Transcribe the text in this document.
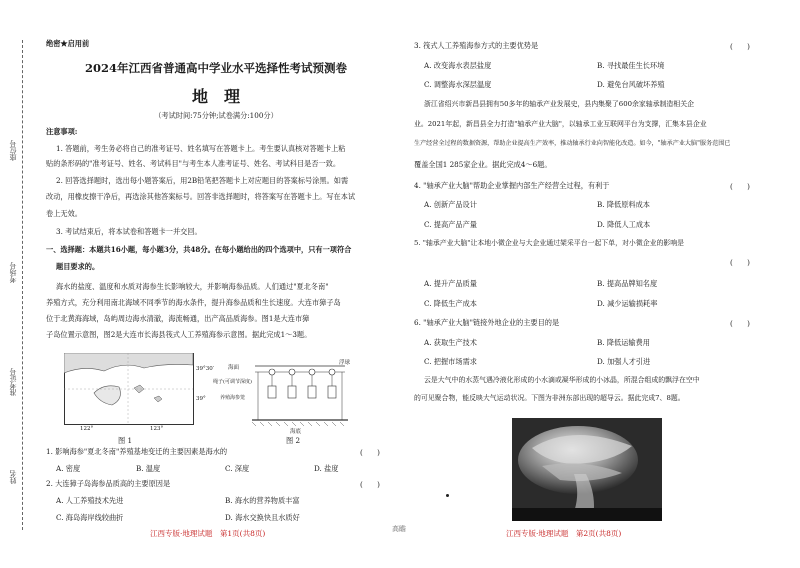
座位号
考场号
准考证号
姓名
绝密★启用前
2024年江西省普通高中学业水平选择性考试预测卷
地　理
（考试时间:75分钟;试卷满分:100分）
注意事项:
1. 答题前，考生务必将自己的准考证号、姓名填写在答题卡上。考生要认真核对答题卡上粘
贴的条形码的"准考证号、姓名、考试科目"与考生本人准考证号、姓名、考试科目是否一致。
2. 回答选择题时，选出每小题答案后，用2B铅笔把答题卡上对应题目的答案标号涂黑。如需
改动，用橡皮擦干净后，再选涂其他答案标号。回答非选择题时，将答案写在答题卡上。写在本试
卷上无效。
3. 考试结束后，将本试卷和答题卡一并交回。
一、选择题：本题共16小题，每小题3分，共48分。在每小题给出的四个选项中，只有一项符合
题目要求的。
海水的盐度、温度和水质对海参生长影响较大，并影响海参品质。人们通过"夏北冬南"
养殖方式，充分利用南北海域不同季节的海水条件，提升海参品质和生长速度。大连市獐子岛
位于北黄海海域，岛屿周边海水清澈，海流畅通，出产高品质海参。图1是大连市獐
子岛位置示意图，图2是大连市长海县筏式人工养殖海参示意图。据此完成1～3题。
39°30′
39°
122°	123°
图 1
海面
浮球
绳子(可调节深度)
养殖海参笼
海底
图 2
1. 影响海参"夏北冬南"养殖基地变迁的主要因素是海水的	(　　)
A. 密度	B. 温度	C. 深度	D. 盐度
2. 大连獐子岛海参品质高的主要原因是	(　　)
A. 人工养殖技术先进	B. 海水的营养物质丰富
C. 海岛海岸线较曲折	D. 海水交换快且水质好
江西专版·地理试题　第1页(共8页)	高瞻
3. 筏式人工养殖海参方式的主要优势是	(　　)
A. 改变海水表层盐度	B. 寻找最佳生长环境
C. 调整海水深层温度	D. 避免台风破坏养殖
浙江省绍兴市新昌县拥有50多年的轴承产业发展史，县内集聚了600余家轴承制造相关企
业。2021年起，新昌县全力打造"轴承产业大脑"，以轴承工业互联网平台为支撑，汇集本县企业
生产经营全过程的数据资源，帮助企业提高生产效率，推动轴承行业向智能化改造。如今，"轴承产业大脑"服务范围已
覆盖全国1 285家企业。据此完成4～6题。
4. "轴承产业大脑"帮助企业掌握内部生产经营全过程，有利于	(　　)
A. 创新产品设计	B. 降低原料成本
C. 提高产品产量	D. 降低人工成本
5. "轴承产业大脑"让本地小微企业与大企业通过架采平台一起下单，对小微企业的影响是
(　　)
A. 提升产品质量	B. 提高品牌知名度
C. 降低生产成本	D. 减少运输损耗率
6. "轴承产业大脑"链接外地企业的主要目的是	(　　)
A. 获取生产技术	B. 降低运输费用
C. 把握市场需求	D. 加强人才引进
云是大气中的水蒸气遇冷液化形成的小水滴或凝华形成的小冰晶，所混合组成的飘浮在空中
的可见聚合物，能反映大气运动状况。下图为非洲东部出现的超导云。据此完成7、8题。
江西专版·地理试题　第2页(共8页)
